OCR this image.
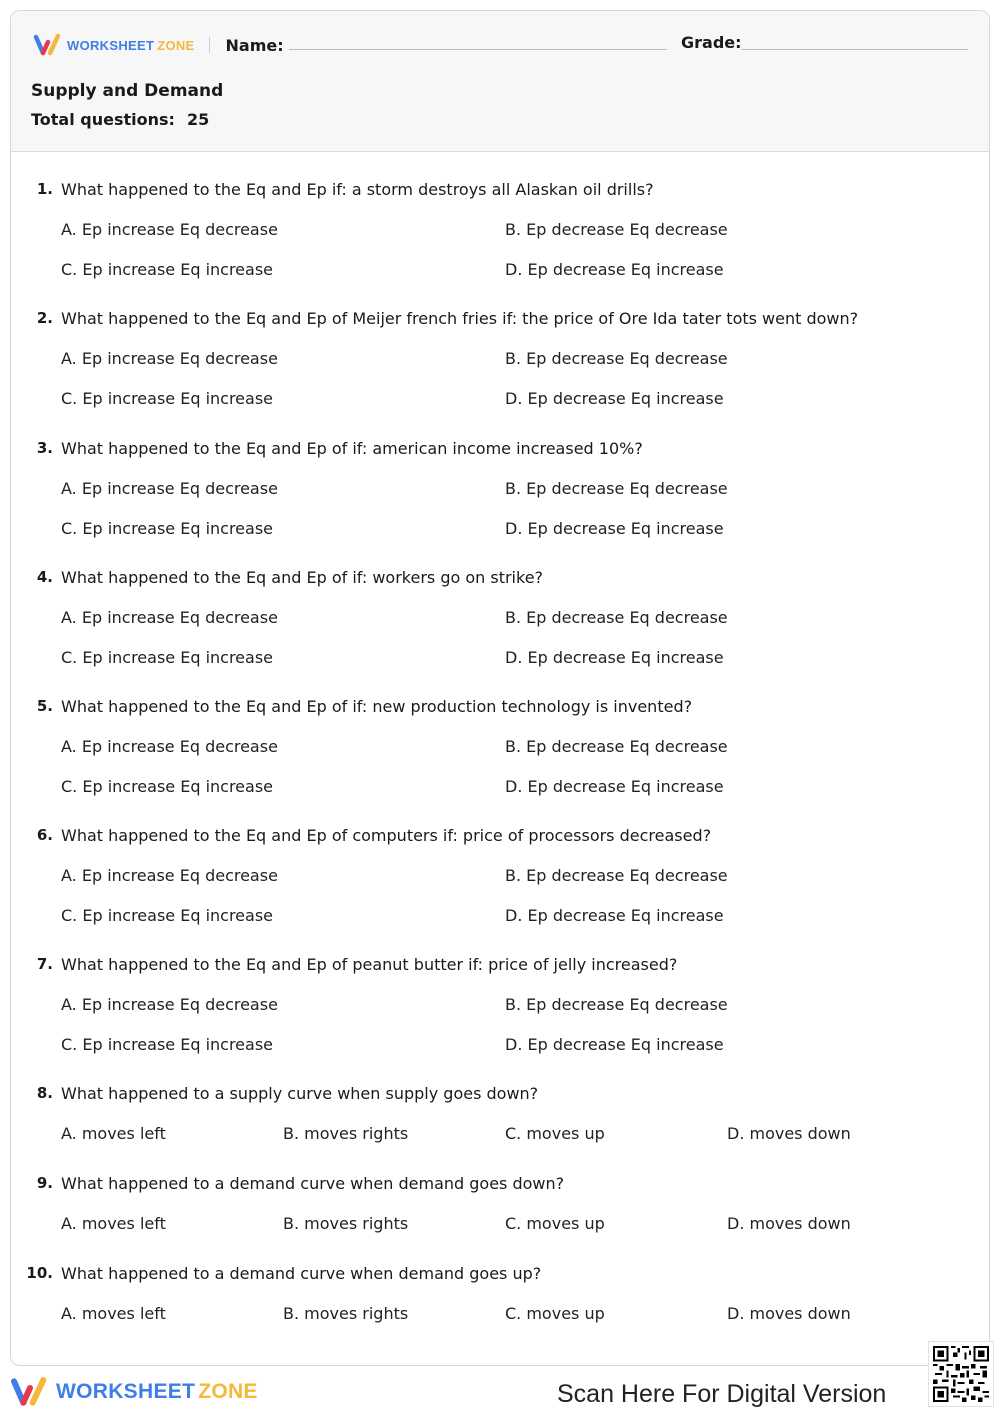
WORKSHEET ZONE Name:	Grade:
Supply and Demand
Total questions: 25
1. What happened to the Eq and Ep if: a storm destroys all Alaskan oil drills?
A. Ep increase Eq decrease	B. Ep decrease Eq decrease
C. Ep increase Eq increase	D. Ep decrease Eq increase
2. What happened to the Eq and Ep of Meijer french fries if: the price of Ore Ida tater tots went down?
A. Ep increase Eq decrease	B. Ep decrease Eq decrease
C. Ep increase Eq increase	D. Ep decrease Eq increase
3. What happened to the Eq and Ep of if: american income increased 10%?
A. Ep increase Eq decrease	B. Ep decrease Eq decrease
C. Ep increase Eq increase	D. Ep decrease Eq increase
4. What happened to the Eq and Ep of if: workers go on strike?
A. Ep increase Eq decrease	B. Ep decrease Eq decrease
C. Ep increase Eq increase	D. Ep decrease Eq increase
5. What happened to the Eq and Ep of if: new production technology is invented?
A. Ep increase Eq decrease	B. Ep decrease Eq decrease
C. Ep increase Eq increase	D. Ep decrease Eq increase
6. What happened to the Eq and Ep of computers if: price of processors decreased?
A. Ep increase Eq decrease	B. Ep decrease Eq decrease
C. Ep increase Eq increase	D. Ep decrease Eq increase
7. What happened to the Eq and Ep of peanut butter if: price of jelly increased?
A. Ep increase Eq decrease	B. Ep decrease Eq decrease
C. Ep increase Eq increase	D. Ep decrease Eq increase
8. What happened to a supply curve when supply goes down?
A. moves left	B. moves rights	C. moves up	D. moves down
9. What happened to a demand curve when demand goes down?
A. moves left	B. moves rights	C. moves up	D. moves down
10. What happened to a demand curve when demand goes up?
A. moves left	B. moves rights	C. moves up	D. moves down
WORKSHEET ZONE	Scan Here For Digital Version
